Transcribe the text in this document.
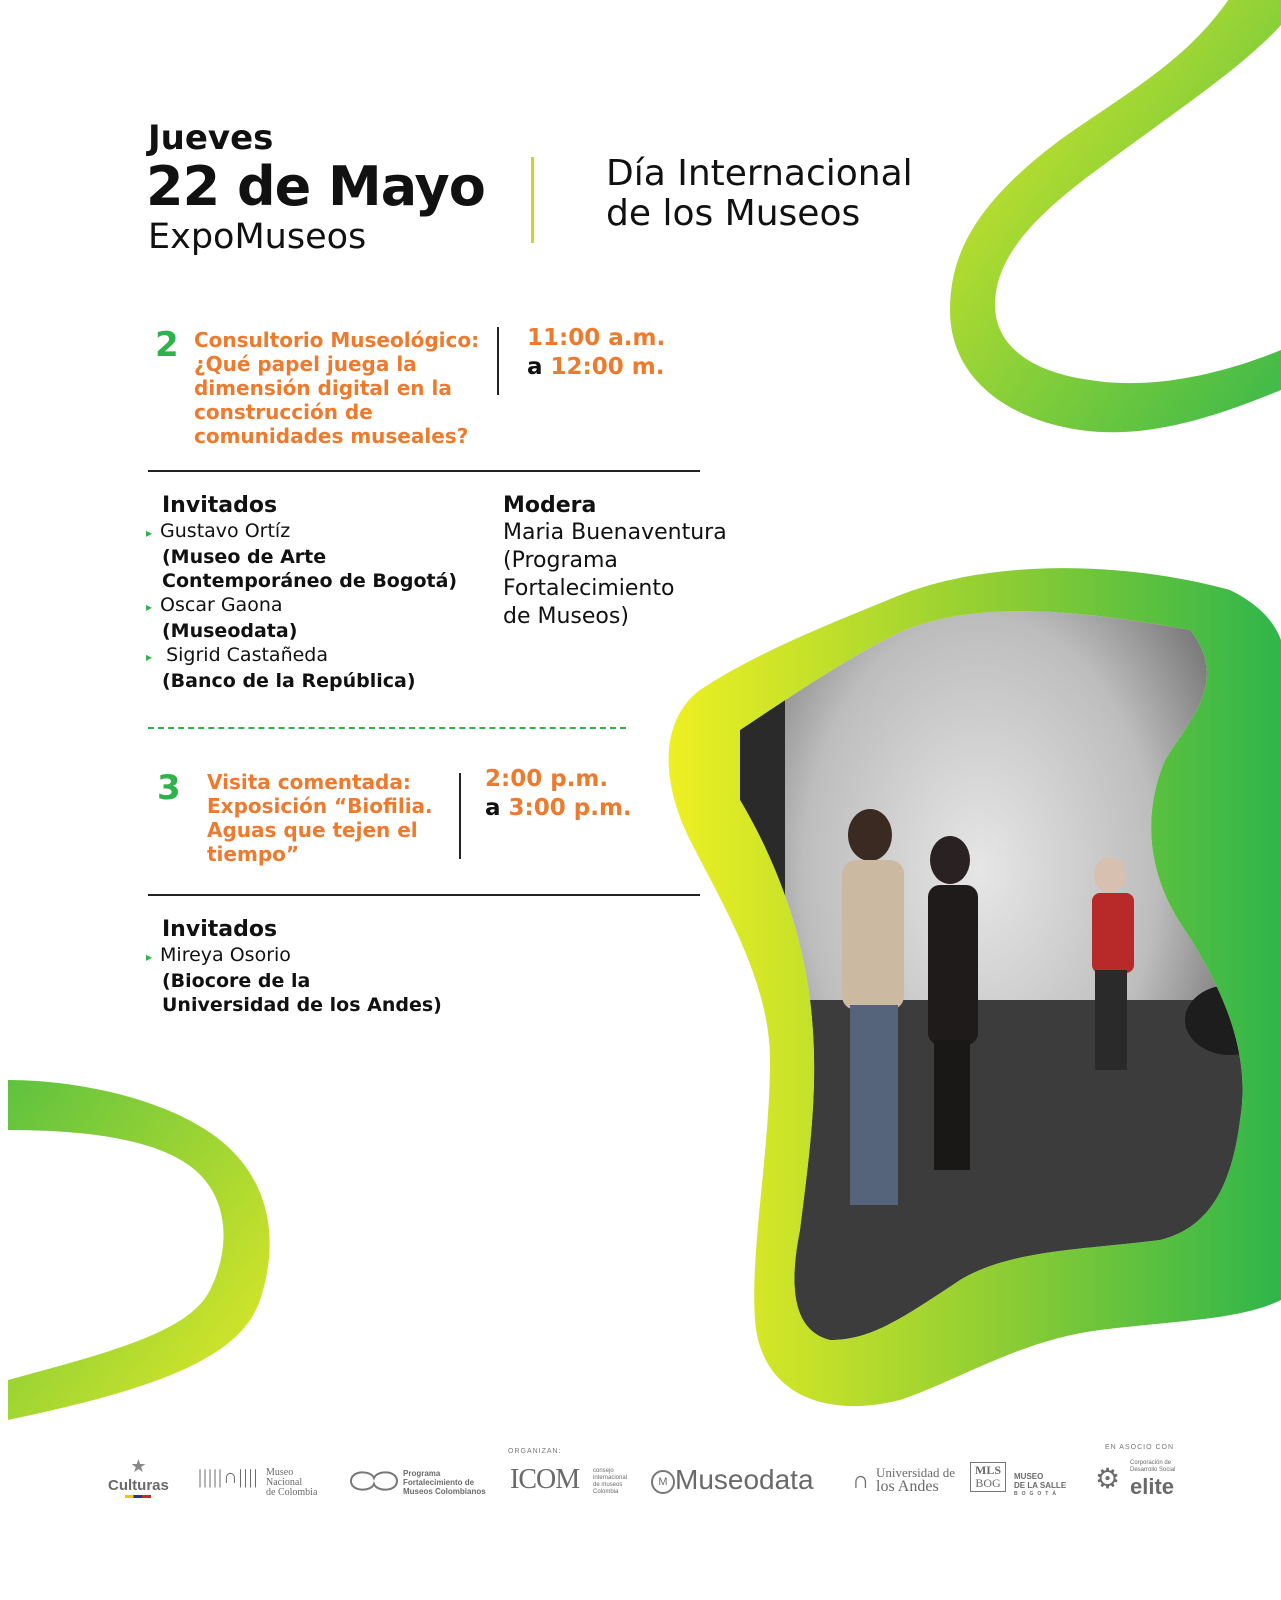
Jueves
22 de Mayo
ExpoMuseos
Día Internacional
de los Museos
2 Consultorio Museológico:
¿Qué papel juega la
dimensión digital en la
construcción de
comunidades museales?
11:00 a.m.
a 12:00 m.
Invitados
▸ Gustavo Ortíz
(Museo de Arte
Contemporáneo de Bogotá)
▸ Oscar Gaona
(Museodata)
▸ Sigrid Castañeda
(Banco de la República)
Modera
Maria Buenaventura
(Programa
Fortalecimiento
de Museos)
3 Visita comentada:
Exposición “Biofilia.
Aguas que tejen el
tiempo”
2:00 p.m.
a 3:00 p.m.
Invitados
▸ Mireya Osorio
(Biocore de la
Universidad de los Andes)
ORGANIZAN:
EN ASOCIO CON
★
Culturas |||||∩|||| Museo
Nacional
de Colombia
Programa
Fortalecimiento de
Museos Colombianos ICOM consejo
internacional
de museos
Colombia
M Museodata ∩ Universidad de
los Andes
MLS
BOG MUSEO
DE LA SALLE
BOGOTÁ ⚙
Corporación de
Desarrollo Social
elite
